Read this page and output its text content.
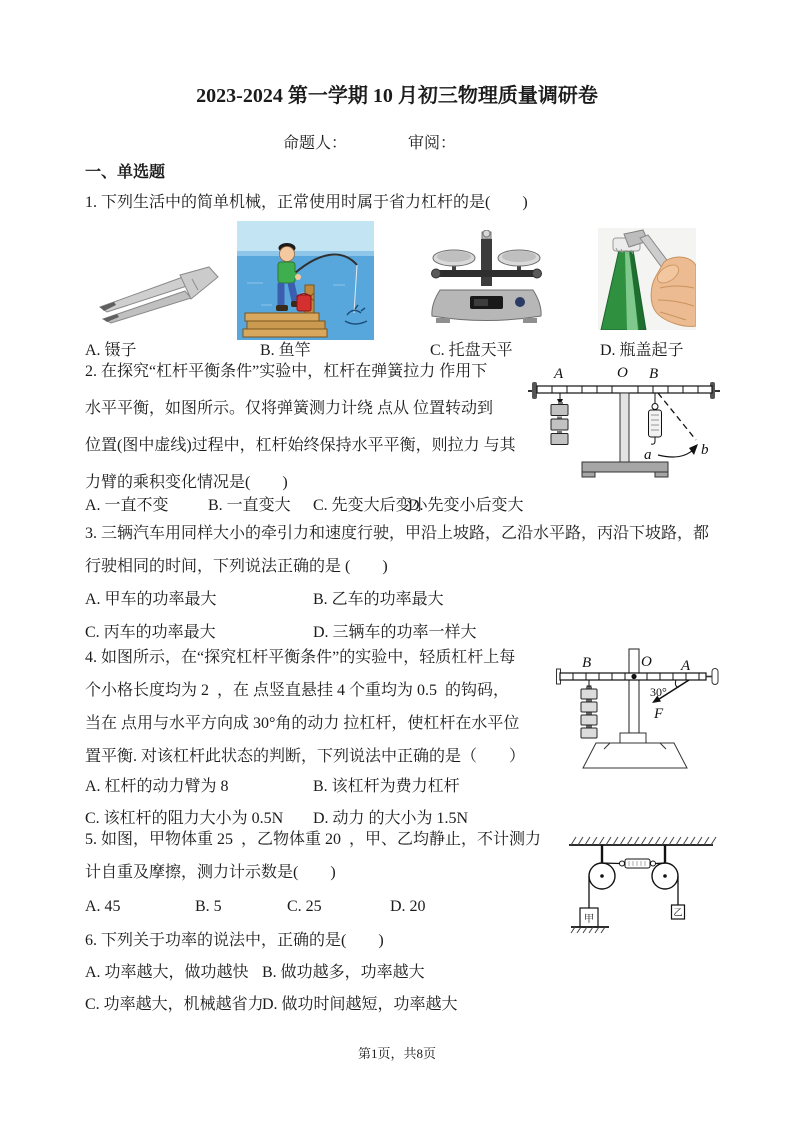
2023-2024 第一学期 10 月初三物理质量调研卷
命题人：	审阅：
一、单选题
1. 下列生活中的简单机械，正常使用时属于省力杠杆的是(        )
A. 镊子	B. 鱼竿	C. 托盘天平	D. 瓶盖起子
2. 在探究“杠杆平衡条件”实验中，杠杆在弹簧拉力 作用下
水平平衡，如图所示。仅将弹簧测力计绕 点从 位置转动到
位置(图中虚线)过程中，杠杆始终保持水平平衡，则拉力 与其
力臂的乘积变化情况是(        )
A. 一直不变 B. 一直变大 C. 先变大后变小
D. 先变小后变大
A	O B
a	b
3. 三辆汽车用同样大小的牵引力和速度行驶，甲沿上坡路，乙沿水平路，丙沿下坡路，都
行驶相同的时间，下列说法正确的是 (        )
A. 甲车的功率最大	B. 乙车的功率最大
C. 丙车的功率最大	D. 三辆车的功率一样大
4. 如图所示，在“探究杠杆平衡条件”的实验中，轻质杠杆上每
个小格长度均为 2  ，在 点竖直悬挂 4 个重均为 0.5  的钩码，
当在 点用与水平方向成 30°角的动力 拉杠杆，使杠杆在水平位
置平衡. 对该杠杆此状态的判断，下列说法中正确的是（        ）
A. 杠杆的动力臂为 8	B. 该杠杆为费力杠杆
C. 该杠杆的阻力大小为 0.5N D. 动力 的大小为 1.5N
30°
F
B	O A
5. 如图，甲物体重 25  ，乙物体重 20  ，甲、乙均静止，不计测力
计自重及摩擦，测力计示数是(        )
A. 45	B. 5	C. 25	D. 20
甲
乙
6. 下列关于功率的说法中，正确的是(        )
A. 功率越大，做功越快 B. 做功越多，功率越大
C. 功率越大，机械越省力
D. 做功时间越短，功率越大
第1页，共8页
